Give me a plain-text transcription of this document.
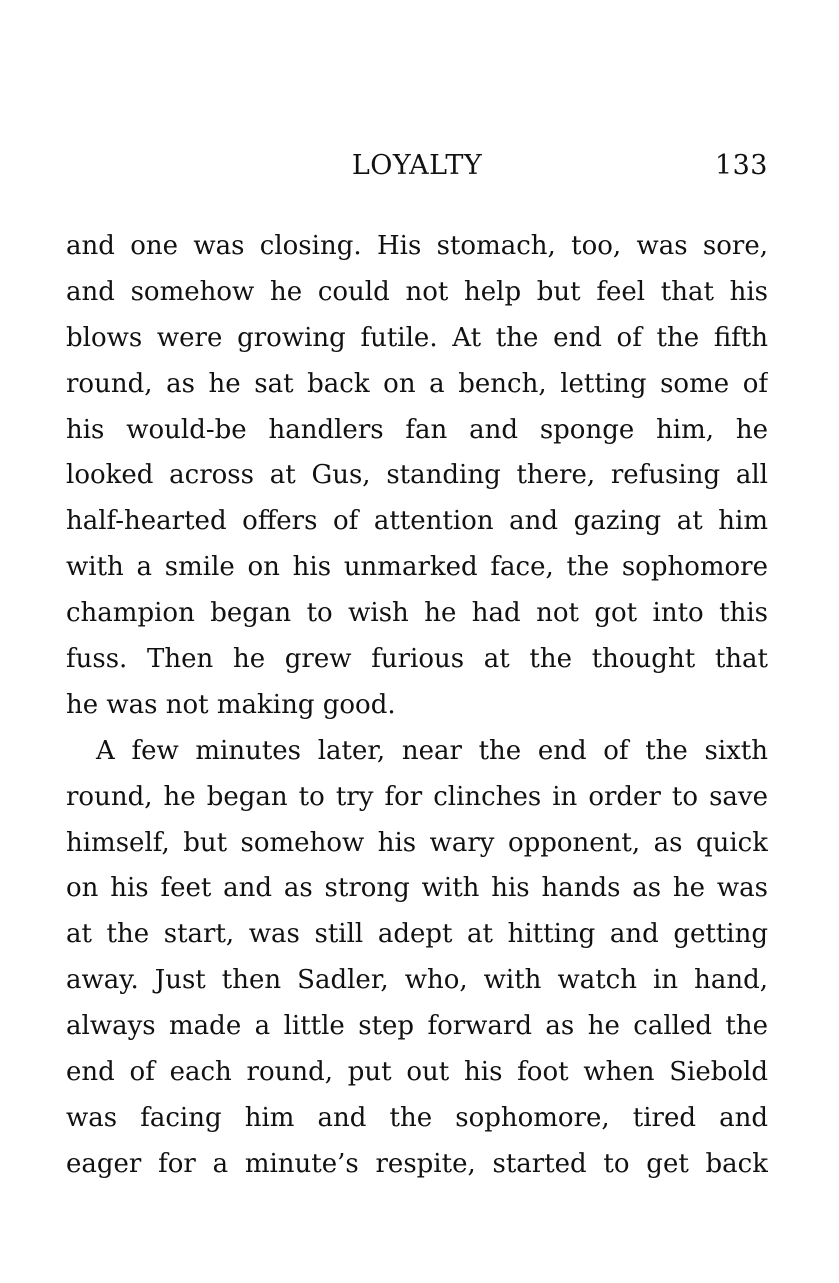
LOYALTY	133
and one was closing. His stomach, too, was sore,
and somehow he could not help but feel that his
blows were growing futile. At the end of the fifth
round, as he sat back on a bench, letting some of
his would-be handlers fan and sponge him, he
looked across at Gus, standing there, refusing all
half-hearted offers of attention and gazing at him
with a smile on his unmarked face, the sophomore
champion began to wish he had not got into this
fuss. Then he grew furious at the thought that
he was not making good.
A few minutes later, near the end of the sixth
round, he began to try for clinches in order to save
himself, but somehow his wary opponent, as quick
on his feet and as strong with his hands as he was
at the start, was still adept at hitting and getting
away. Just then Sadler, who, with watch in hand,
always made a little step forward as he called the
end of each round, put out his foot when Siebold
was facing him and the sophomore, tired and
eager for a minute’s respite, started to get back
